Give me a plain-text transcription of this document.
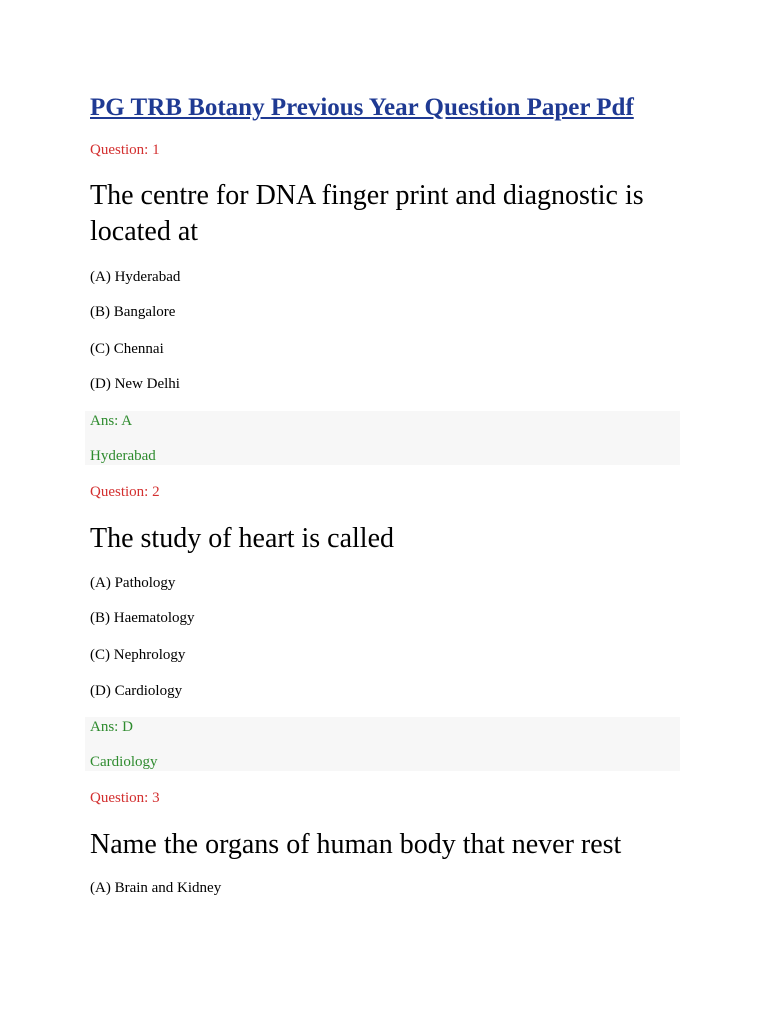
PG TRB Botany Previous Year Question Paper Pdf
Question: 1
The centre for DNA finger print and diagnostic is located at
(A) Hyderabad
(B) Bangalore
(C) Chennai
(D) New Delhi
Ans: A
Hyderabad
Question: 2
The study of heart is called
(A) Pathology
(B) Haematology
(C) Nephrology
(D) Cardiology
Ans: D
Cardiology
Question: 3
Name the organs of human body that never rest
(A) Brain and Kidney
